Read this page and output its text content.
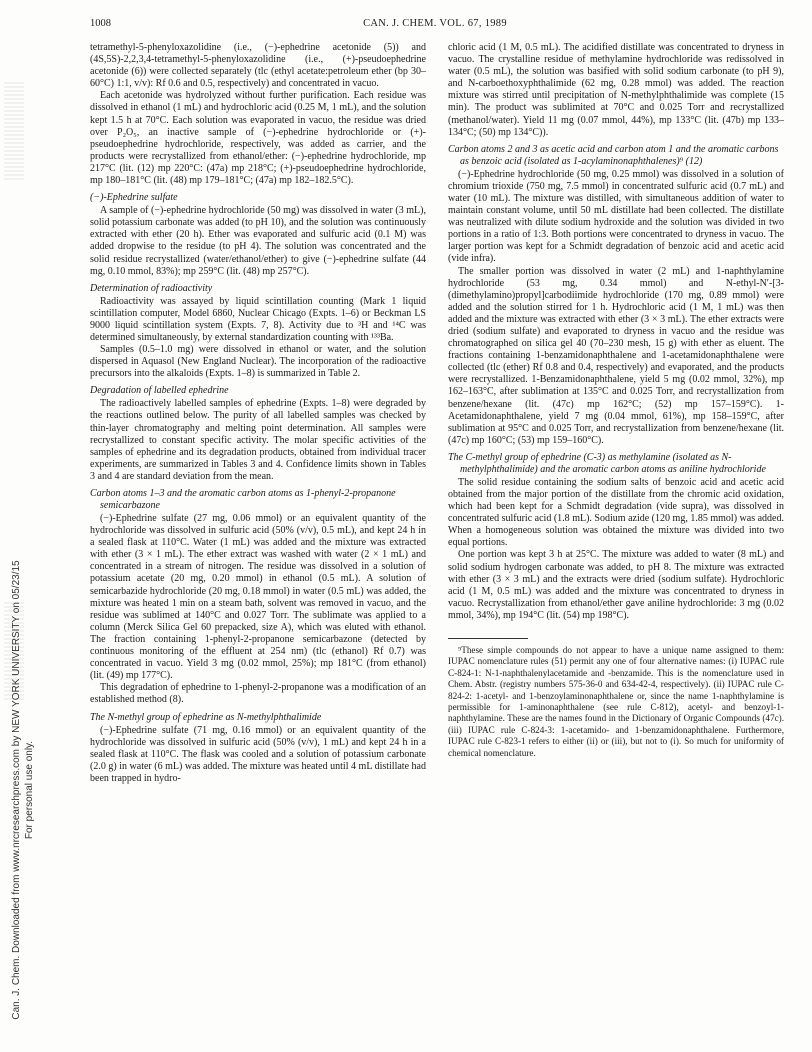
Can. J. Chem. Downloaded from www.nrcresearchpress.com by NEW YORK UNIVERSITY on 05/23/15 For personal use only.
1008	CAN. J. CHEM. VOL. 67, 1989

tetramethyl-5-phenyloxazolidine (i.e., (−)-ephedrine acetonide (5)) and (4S,5S)-2,2,3,4-tetramethyl-5-phenyloxazolidine (i.e., (+)-pseudoephedrine acetonide (6)) were collected separately (tlc (ethyl acetate:petroleum ether (bp 30–60°C) 1:1, v/v): Rf 0.6 and 0.5, respectively) and concentrated in vacuo.

Each acetonide was hydrolyzed without further purification. Each residue was dissolved in ethanol (1 mL) and hydrochloric acid (0.25 M, 1 mL), and the solution kept 1.5 h at 70°C. Each solution was evaporated in vacuo, the residue was dried over P₂O₅, an inactive sample of (−)-ephedrine hydrochloride or (+)-pseudoephedrine hydrochloride, respectively, was added as carrier, and the products were recrystallized from ethanol/ether: (−)-ephedrine hydrochloride, mp 217°C (lit. (12) mp 220°C: (47a) mp 218°C; (+)-pseudoephedrine hydrochloride, mp 180–181°C (lit. (48) mp 179–181°C; (47a) mp 182–182.5°C).

(−)-Ephedrine sulfate

A sample of (−)-ephedrine hydrochloride (50 mg) was dissolved in water (3 mL), solid potassium carbonate was added (to pH 10), and the solution was continuously extracted with ether (20 h). Ether was evaporated and sulfuric acid (0.1 M) was added dropwise to the residue (to pH 4). The solution was concentrated and the solid residue recrystallized (water/ethanol/ether) to give (−)-ephedrine sulfate (44 mg, 0.10 mmol, 83%); mp 259°C (lit. (48) mp 257°C).

Determination of radioactivity

Radioactivity was assayed by liquid scintillation counting (Mark 1 liquid scintillation computer, Model 6860, Nuclear Chicago (Expts. 1–6) or Beckman LS 9000 liquid scintillation system (Expts. 7, 8). Activity due to ³H and ¹⁴C was determined simultaneously, by external standardization counting with ¹³³Ba.

Samples (0.5–1.0 mg) were dissolved in ethanol or water, and the solution dispersed in Aquasol (New England Nuclear). The incorporation of the radioactive precursors into the alkaloids (Expts. 1–8) is summarized in Table 2.

Degradation of labelled ephedrine

The radioactively labelled samples of ephedrine (Expts. 1–8) were degraded by the reactions outlined below. The purity of all labelled samples was checked by thin-layer chromatography and melting point determination. All samples were recrystallized to constant specific activity. The molar specific activities of the samples of ephedrine and its degradation products, obtained from individual tracer experiments, are summarized in Tables 3 and 4. Confidence limits shown in Tables 3 and 4 are standard deviation from the mean.

Carbon atoms 1–3 and the aromatic carbon atoms as 1-phenyl-2-propanone semicarbazone

(−)-Ephedrine sulfate (27 mg, 0.06 mmol) or an equivalent quantity of the hydrochloride was dissolved in sulfuric acid (50% (v/v), 0.5 mL), and kept 24 h in a sealed flask at 110°C. Water (1 mL) was added and the mixture was extracted with ether (3 × 1 mL). The ether extract was washed with water (2 × 1 mL) and concentrated in a stream of nitrogen. The residue was dissolved in a solution of potassium acetate (20 mg, 0.20 mmol) in ethanol (0.5 mL). A solution of semicarbazide hydrochloride (20 mg, 0.18 mmol) in water (0.5 mL) was added, the mixture was heated 1 min on a steam bath, solvent was removed in vacuo, and the residue was sublimed at 140°C and 0.027 Torr. The sublimate was applied to a column (Merck Silica Gel 60 prepacked, size A), which was eluted with ethanol. The fraction containing 1-phenyl-2-propanone semicarbazone (detected by continuous monitoring of the effluent at 254 nm) (tlc (ethanol) Rf 0.7) was concentrated in vacuo. Yield 3 mg (0.02 mmol, 25%); mp 181°C (from ethanol) (lit. (49) mp 177°C).

This degradation of ephedrine to 1-phenyl-2-propanone was a modification of an established method (8).

The N-methyl group of ephedrine as N-methylphthalimide

(−)-Ephedrine sulfate (71 mg, 0.16 mmol) or an equivalent quantity of the hydrochloride was dissolved in sulfuric acid (50% (v/v), 1 mL) and kept 24 h in a sealed flask at 110°C. The flask was cooled and a solution of potassium carbonate (2.0 g) in water (6 mL) was added. The mixture was heated until 4 mL distillate had been trapped in hydro-

chloric acid (1 M, 0.5 mL). The acidified distillate was concentrated to dryness in vacuo. The crystalline residue of methylamine hydrochloride was redissolved in water (0.5 mL), the solution was basified with solid sodium carbonate (to pH 9), and N-carboethoxyphthalimide (62 mg, 0.28 mmol) was added. The reaction mixture was stirred until precipitation of N-methylphthalimide was complete (15 min). The product was sublimited at 70°C and 0.025 Torr and recrystallized (methanol/water). Yield 11 mg (0.07 mmol, 44%), mp 133°C (lit. (47b) mp 133–134°C; (50) mp 134°C)).

Carbon atoms 2 and 3 as acetic acid and carbon atom 1 and the aromatic carbons as benzoic acid (isolated as 1-acylaminonaphthalenes)⁹ (12)

(−)-Ephedrine hydrochloride (50 mg, 0.25 mmol) was dissolved in a solution of chromium trioxide (750 mg, 7.5 mmol) in concentrated sulfuric acid (0.7 mL) and water (10 mL). The mixture was distilled, with simultaneous addition of water to maintain constant volume, until 50 mL distillate had been collected. The distillate was neutralized with dilute sodium hydroxide and the solution was divided in two portions in a ratio of 1:3. Both portions were concentrated to dryness in vacuo. The larger portion was kept for a Schmidt degradation of benzoic acid and acetic acid (vide infra).

The smaller portion was dissolved in water (2 mL) and 1-naphthylamine hydrochloride (53 mg, 0.34 mmol) and N-ethyl-N′-[3-(dimethylamino)propyl]carbodiimide hydrochloride (170 mg, 0.89 mmol) were added and the solution stirred for 1 h. Hydrochloric acid (1 M, 1 mL) was then added and the mixture was extracted with ether (3 × 3 mL). The ether extracts were dried (sodium sulfate) and evaporated to dryness in vacuo and the residue was chromatographed on silica gel 40 (70–230 mesh, 15 g) with ether as eluent. The fractions containing 1-benzamidonaphthalene and 1-acetamidonaphthalene were collected (tlc (ether) Rf 0.8 and 0.4, respectively) and evaporated, and the products were recrystallized. 1-Benzamidonaphthalene, yield 5 mg (0.02 mmol, 32%), mp 162–163°C, after sublimation at 135°C and 0.025 Torr, and recrystallization from benzene/hexane (lit. (47c) mp 162°C; (52) mp 157–159°C). 1-Acetamidonaphthalene, yield 7 mg (0.04 mmol, 61%), mp 158–159°C, after sublimation at 95°C and 0.025 Torr, and recrystallization from benzene/hexane (lit. (47c) mp 160°C; (53) mp 159–160°C).

The C-methyl group of ephedrine (C-3) as methylamine (isolated as N-methylphthalimide) and the aromatic carbon atoms as aniline hydrochloride

The solid residue containing the sodium salts of benzoic acid and acetic acid obtained from the major portion of the distillate from the chromic acid oxidation, which had been kept for a Schmidt degradation (vide supra), was dissolved in concentrated sulfuric acid (1.8 mL). Sodium azide (120 mg, 1.85 mmol) was added. When a homogeneous solution was obtained the mixture was divided into two equal portions.

One portion was kept 3 h at 25°C. The mixture was added to water (8 mL) and solid sodium hydrogen carbonate was added, to pH 8. The mixture was extracted with ether (3 × 3 mL) and the extracts were dried (sodium sulfate). Hydrochloric acid (1 M, 0.5 mL) was added and the mixture was concentrated to dryness in vacuo. Recrystallization from ethanol/ether gave aniline hydrochloride: 3 mg (0.02 mmol, 34%), mp 194°C (lit. (54) mp 198°C).

⁹These simple compounds do not appear to have a unique name assigned to them: IUPAC nomenclature rules (51) permit any one of four alternative names: (i) IUPAC rule C-824-1: N-1-naphthalenylacetamide and -benzamide. This is the nomenclature used in Chem. Abstr. (registry numbers 575-36-0 and 634-42-4, respectively). (ii) IUPAC rule C-824-2: 1-acetyl- and 1-benzoylaminonaphthalene or, since the name 1-naphthylamine is permissible for 1-aminonaphthalene (see rule C-812), acetyl- and benzoyl-1-naphthylamine. These are the names found in the Dictionary of Organic Compounds (47c). (iii) IUPAC rule C-824-3: 1-acetamido- and 1-benzamidonaphthalene. Furthermore, IUPAC rule C-823-1 refers to either (ii) or (iii), but not to (i). So much for uniformity of chemical nomenclature.
